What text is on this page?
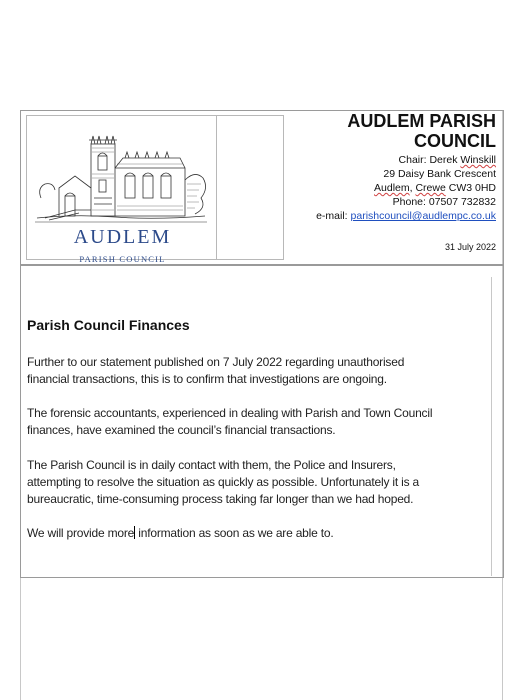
AUDLEM
PARISH COUNCIL
AUDLEM PARISH
COUNCIL
Chair: Derek Winskill
29 Daisy Bank Crescent
Audlem, Crewe CW3 0HD
Phone: 07507 732832
e-mail: parishcouncil@audlempc.co.uk
31 July 2022
Parish Council Finances
Further to our statement published on 7 July 2022 regarding unauthorised
financial transactions, this is to confirm that investigations are ongoing.
The forensic accountants, experienced in dealing with Parish and Town Council
finances, have examined the council’s financial transactions.
The Parish Council is in daily contact with them, the Police and Insurers,
attempting to resolve the situation as quickly as possible. Unfortunately it is a
bureaucratic, time-consuming process taking far longer than we had hoped.
We will provide more information as soon as we are able to.
